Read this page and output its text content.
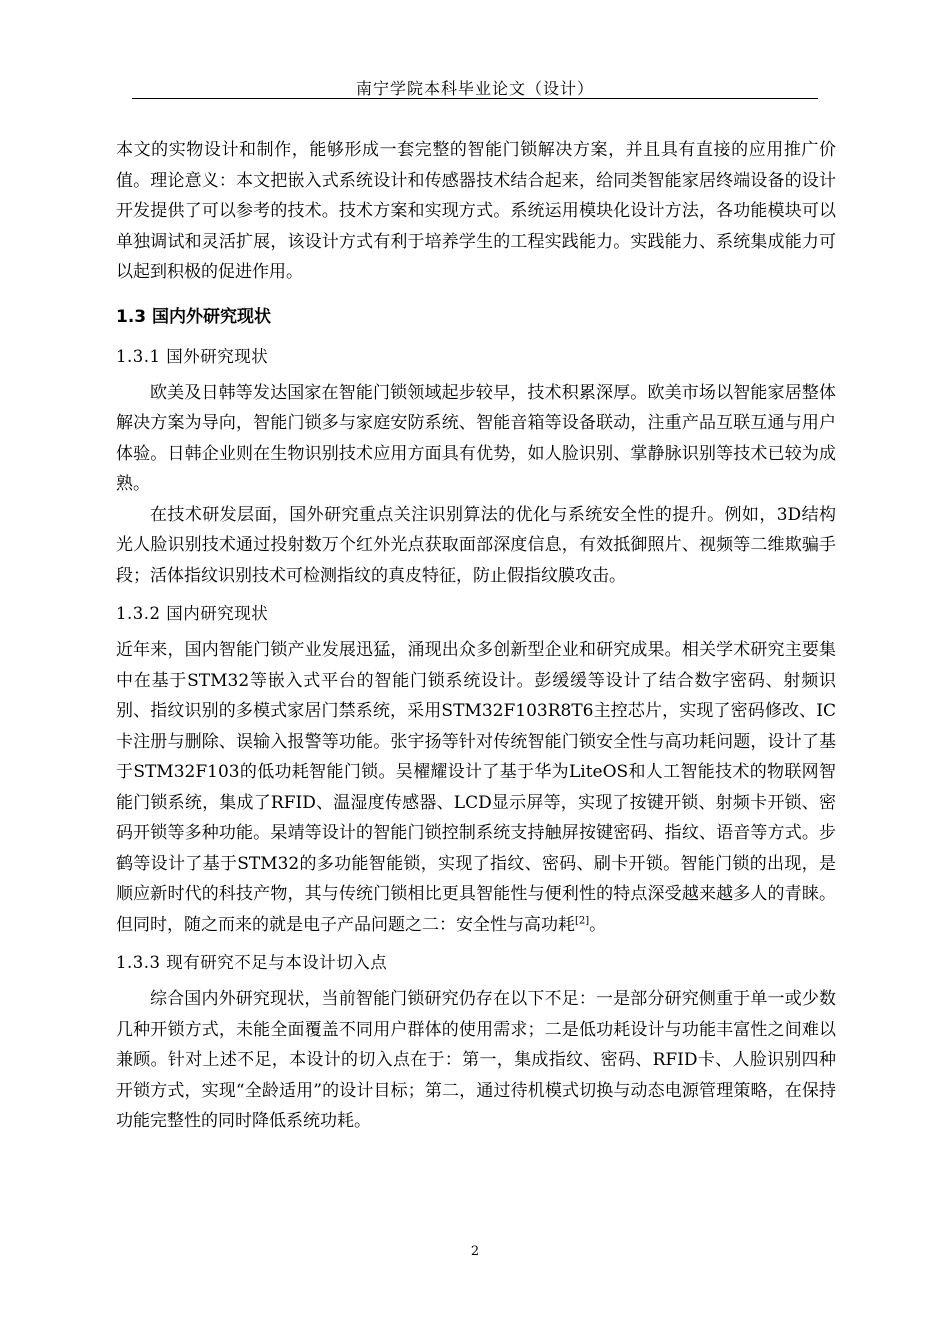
南宁学院本科毕业论文（设计）

本文的实物设计和制作，能够形成一套完整的智能门锁解决方案，并且具有直接的应用推广价值。理论意义：本文把嵌入式系统设计和传感器技术结合起来，给同类智能家居终端设备的设计开发提供了可以参考的技术。技术方案和实现方式。系统运用模块化设计方法，各功能模块可以单独调试和灵活扩展，该设计方式有利于培养学生的工程实践能力。实践能力、系统集成能力可以起到积极的促进作用。

1.3 国内外研究现状
1.3.1 国外研究现状

欧美及日韩等发达国家在智能门锁领域起步较早，技术积累深厚。欧美市场以智能家居整体解决方案为导向，智能门锁多与家庭安防系统、智能音箱等设备联动，注重产品互联互通与用户体验。日韩企业则在生物识别技术应用方面具有优势，如人脸识别、掌静脉识别等技术已较为成熟。

在技术研发层面，国外研究重点关注识别算法的优化与系统安全性的提升。例如，3D结构光人脸识别技术通过投射数万个红外光点获取面部深度信息，有效抵御照片、视频等二维欺骗手段；活体指纹识别技术可检测指纹的真皮特征，防止假指纹膜攻击。

1.3.2 国内研究现状

近年来，国内智能门锁产业发展迅猛，涌现出众多创新型企业和研究成果。相关学术研究主要集中在基于STM32等嵌入式平台的智能门锁系统设计。彭缓缓等设计了结合数字密码、射频识别、指纹识别的多模式家居门禁系统，采用STM32F103R8T6主控芯片，实现了密码修改、IC卡注册与删除、误输入报警等功能。张宇扬等针对传统智能门锁安全性与高功耗问题，设计了基于STM32F103的低功耗智能门锁。吴櫂耀设计了基于华为LiteOS和人工智能技术的物联网智能门锁系统，集成了RFID、温湿度传感器、LCD显示屏等，实现了按键开锁、射频卡开锁、密码开锁等多种功能。杲靖等设计的智能门锁控制系统支持触屏按键密码、指纹、语音等方式。步鹤等设计了基于STM32的多功能智能锁，实现了指纹、密码、刷卡开锁。智能门锁的出现，是顺应新时代的科技产物，其与传统门锁相比更具智能性与便利性的特点深受越来越多人的青睐。但同时，随之而来的就是电子产品问题之二：安全性与高功耗[2]。

1.3.3 现有研究不足与本设计切入点

综合国内外研究现状，当前智能门锁研究仍存在以下不足：一是部分研究侧重于单一或少数几种开锁方式，未能全面覆盖不同用户群体的使用需求；二是低功耗设计与功能丰富性之间难以兼顾。针对上述不足，本设计的切入点在于：第一，集成指纹、密码、RFID卡、人脸识别四种开锁方式，实现“全龄适用”的设计目标；第二，通过待机模式切换与动态电源管理策略，在保持功能完整性的同时降低系统功耗。

2
